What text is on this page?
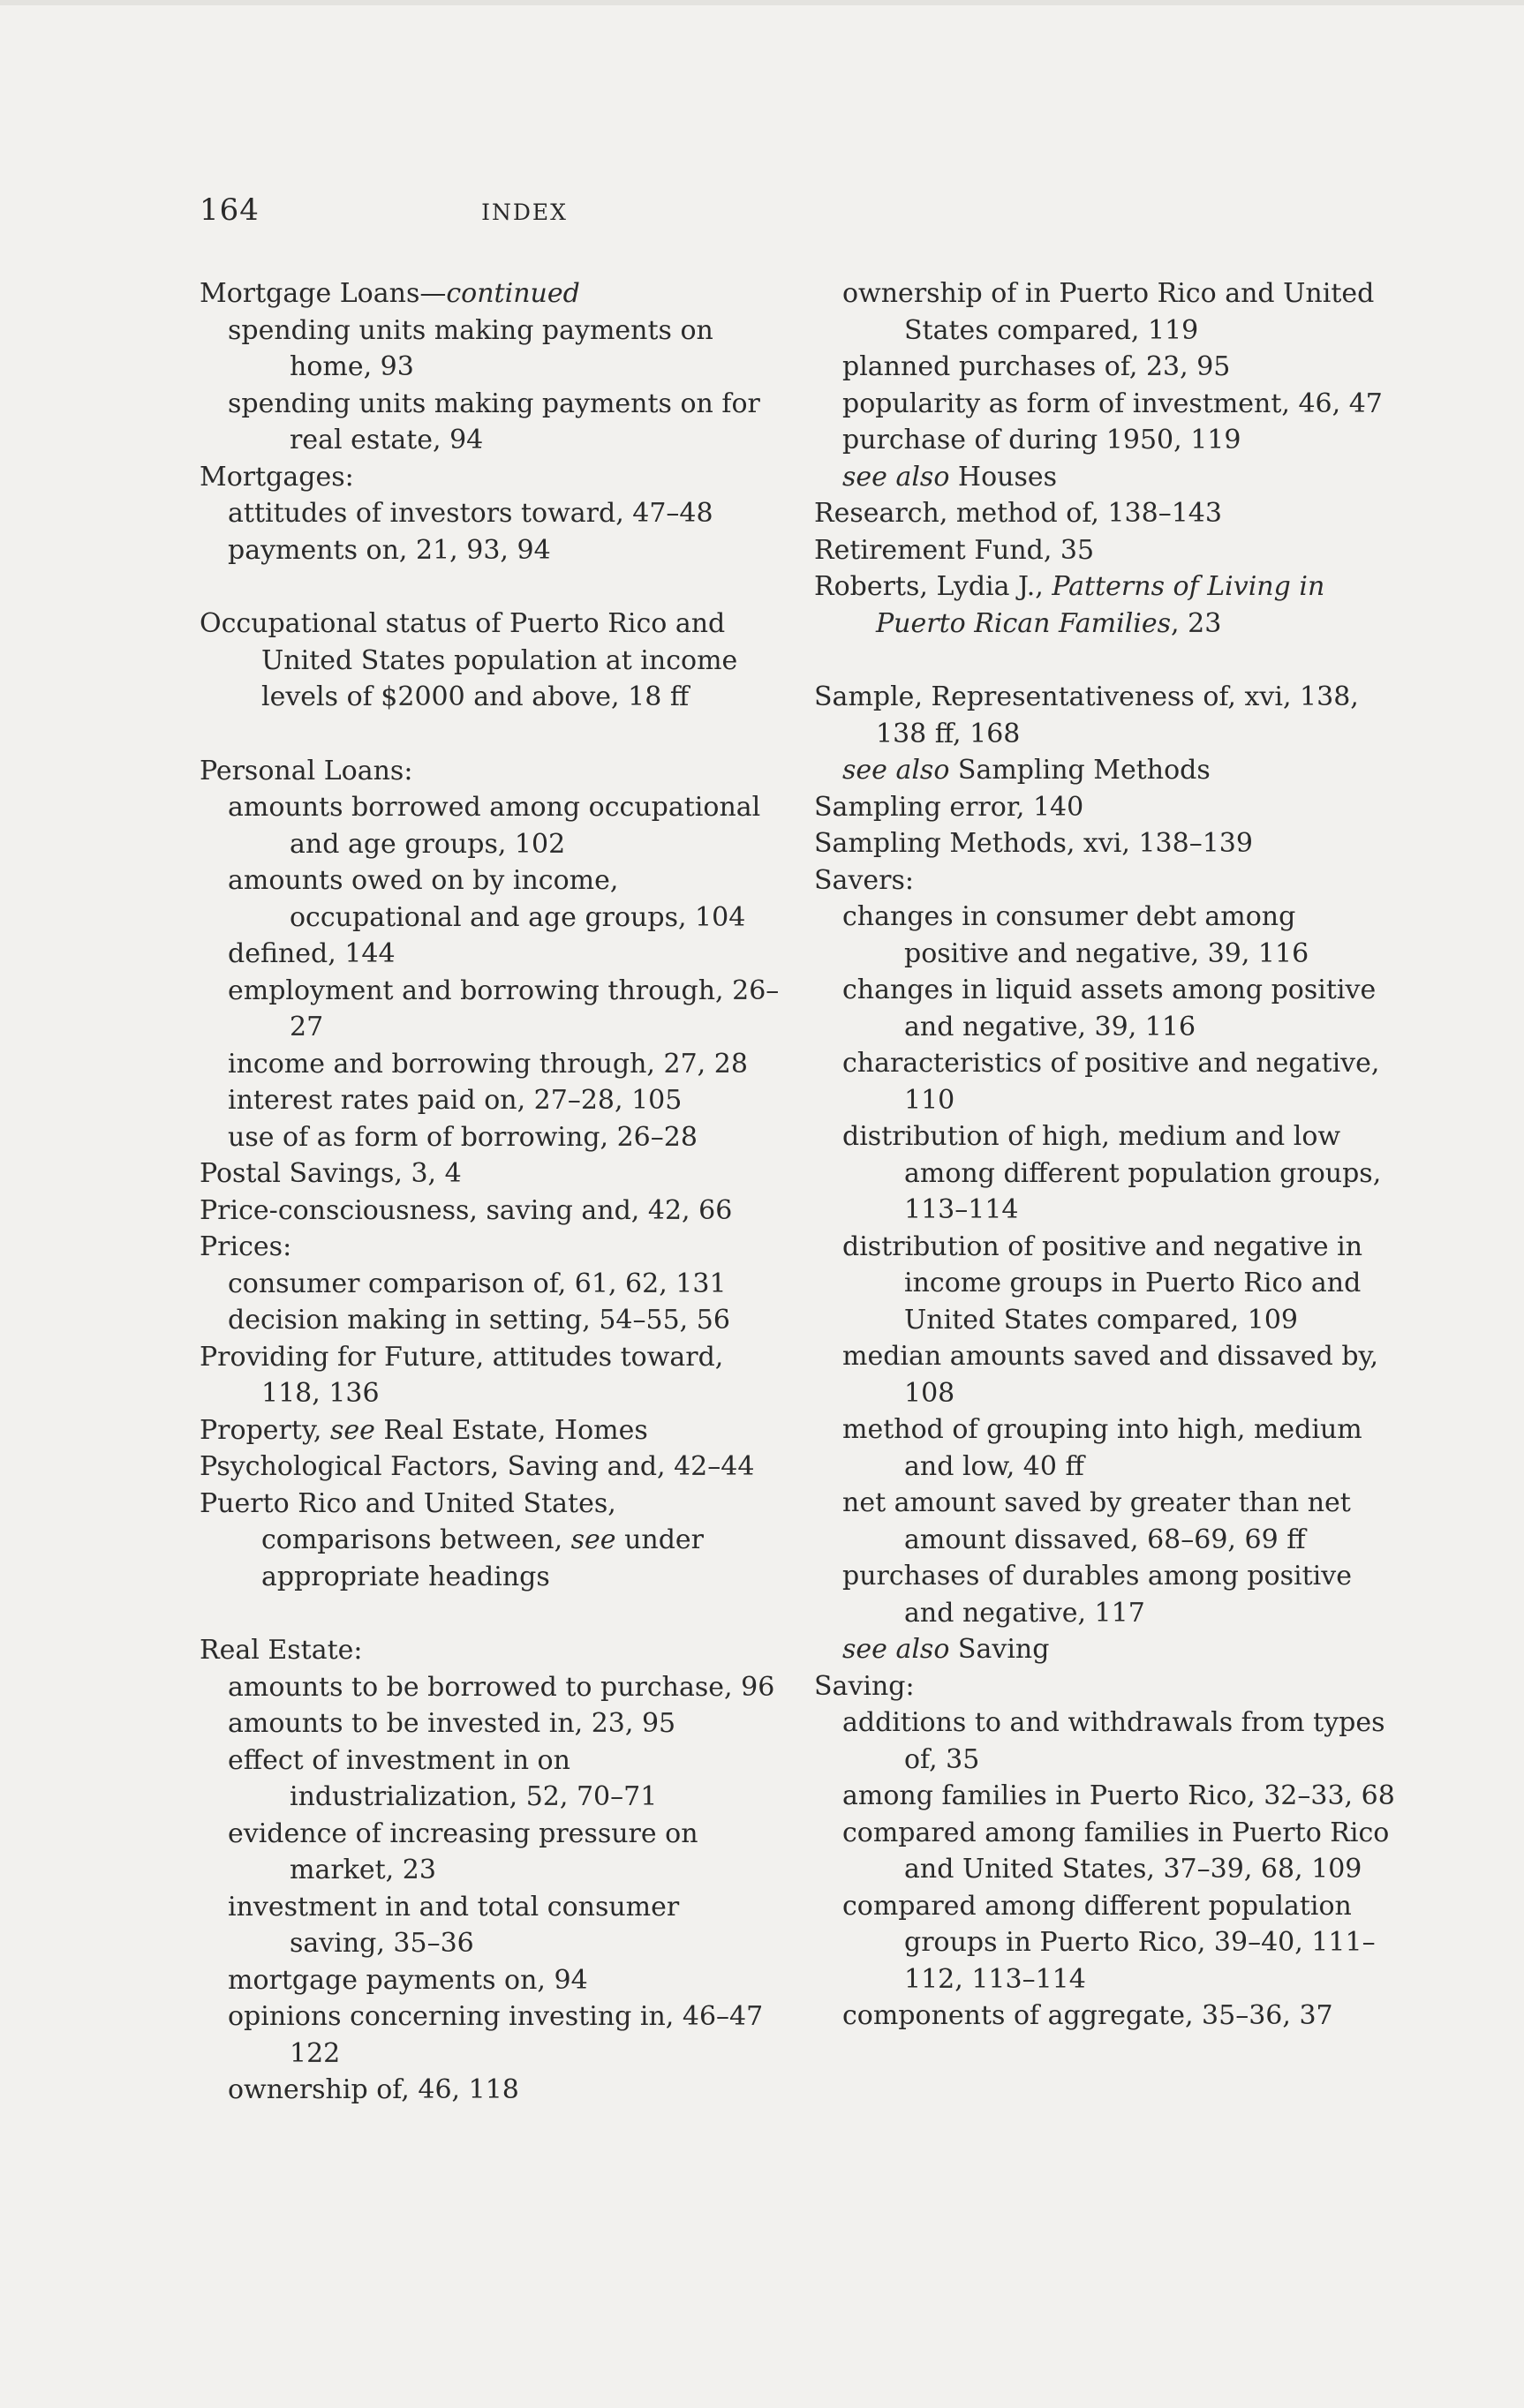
164	INDEX
Mortgage Loans—continued
spending units making payments on home, 93
spending units making payments on for real estate, 94
Mortgages:
attitudes of investors toward, 47–48
payments on, 21, 93, 94
Occupational status of Puerto Rico and United States population at income levels of $2000 and above, 18 ff
Personal Loans:
amounts borrowed among occupational and age groups, 102
amounts owed on by income, occupational and age groups, 104
defined, 144
employment and borrowing through, 26–27
income and borrowing through, 27, 28
interest rates paid on, 27–28, 105
use of as form of borrowing, 26–28
Postal Savings, 3, 4
Price-consciousness, saving and, 42, 66
Prices:
consumer comparison of, 61, 62, 131
decision making in setting, 54–55, 56
Providing for Future, attitudes toward, 118, 136
Property, see Real Estate, Homes
Psychological Factors, Saving and, 42–44
Puerto Rico and United States, comparisons between, see under appropriate headings
Real Estate:
amounts to be borrowed to purchase, 96
amounts to be invested in, 23, 95
effect of investment in on industrialization, 52, 70–71
evidence of increasing pressure on market, 23
investment in and total consumer saving, 35–36
mortgage payments on, 94
opinions concerning investing in, 46–47 122
ownership of, 46, 118
ownership of in Puerto Rico and United States compared, 119
planned purchases of, 23, 95
popularity as form of investment, 46, 47
purchase of during 1950, 119
see also Houses
Research, method of, 138–143
Retirement Fund, 35
Roberts, Lydia J., Patterns of Living in Puerto Rican Families, 23
Sample, Representativeness of, xvi, 138, 138 ff, 168
see also Sampling Methods
Sampling error, 140
Sampling Methods, xvi, 138–139
Savers:
changes in consumer debt among positive and negative, 39, 116
changes in liquid assets among positive and negative, 39, 116
characteristics of positive and negative, 110
distribution of high, medium and low among different population groups, 113–114
distribution of positive and negative in income groups in Puerto Rico and United States compared, 109
median amounts saved and dissaved by, 108
method of grouping into high, medium and low, 40 ff
net amount saved by greater than net amount dissaved, 68–69, 69 ff
purchases of durables among positive and negative, 117
see also Saving
Saving:
additions to and withdrawals from types of, 35
among families in Puerto Rico, 32–33, 68
compared among families in Puerto Rico and United States, 37–39, 68, 109
compared among different population groups in Puerto Rico, 39–40, 111–112, 113–114
components of aggregate, 35–36, 37
